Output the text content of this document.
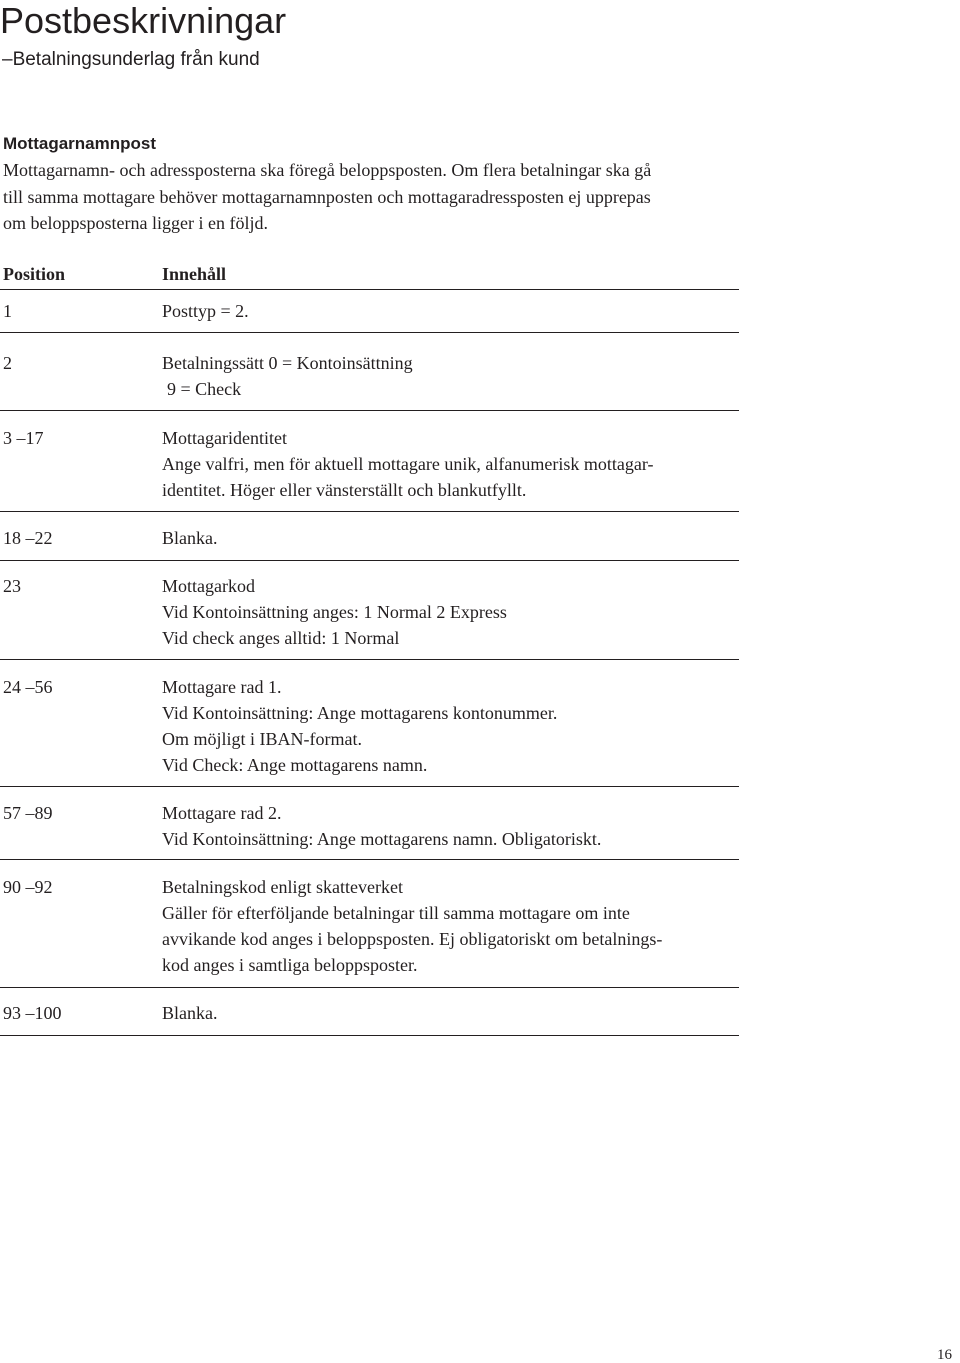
Postbeskrivningar
–Betalningsunderlag från kund
Mottagarnamnpost
Mottagarnamn- och adressposterna ska föregå beloppsposten. Om flera betalningar ska gå
till samma mottagare behöver mottagarnamnposten och mottagaradressposten ej upprepas
om beloppsposterna ligger i en följd.
Position	Innehåll
1	Posttyp = 2.
2	Betalningssätt 0 = Kontoinsättning
9 = Check
3 –17	Mottagaridentitet
Ange valfri, men för aktuell mottagare unik, alfanumerisk mottagar-
identitet. Höger eller vänsterställt och blankutfyllt.
18 –22	Blanka.
23	Mottagarkod
Vid Kontoinsättning anges: 1 Normal 2 Express
Vid check anges alltid: 1 Normal
24 –56	Mottagare rad 1.
Vid Kontoinsättning: Ange mottagarens kontonummer.
Om möjligt i IBAN-format.
Vid Check: Ange mottagarens namn.
57 –89	Mottagare rad 2.
Vid Kontoinsättning: Ange mottagarens namn. Obligatoriskt.
90 –92	Betalningskod enligt skatteverket
Gäller för efterföljande betalningar till samma mottagare om inte
avvikande kod anges i beloppsposten. Ej obligatoriskt om betalnings-
kod anges i samtliga beloppsposter.
93 –100	Blanka.
16
